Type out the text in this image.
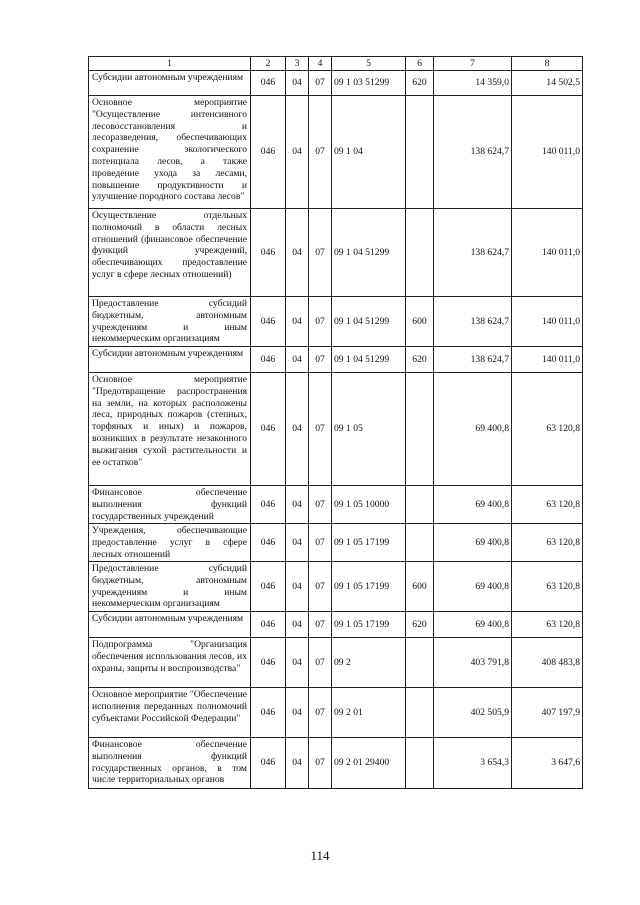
1	2	3	4	5	6	7	8
Субсидии автономным учреждениям	046	04	07	09 1 03 51299	620	14 359,0	14 502,5
Основное мероприятие "Осуществление интенсивного лесовосстановления и лесоразведения, обеспечивающих сохранение экологического потенциала лесов, а также проведение ухода за лесами, повышение продуктивности и улучшение породного состава лесов"	046	04	07	09 1 04		138 624,7	140 011,0
Осуществление отдельных полномочий в области лесных отношений (финансовое обеспечение функций учреждений, обеспечивающих предоставление услуг в сфере лесных отношений)	046	04	07	09 1 04 51299		138 624,7	140 011,0
Предоставление субсидий бюджетным, автономным учреждениям и иным некоммерческим организациям	046	04	07	09 1 04 51299	600	138 624,7	140 011,0
Субсидии автономным учреждениям	046	04	07	09 1 04 51299	620	138 624,7	140 011,0
Основное мероприятие "Предотвращение распространения на земли, на которых расположены леса, природных пожаров (степных, торфяных и иных) и пожаров, возникших в результате незаконного выжигания сухой растительности и ее остатков"	046	04	07	09 1 05		69 400,8	63 120,8
Финансовое обеспечение выполнения функций государственных учреждений	046	04	07	09 1 05 10000		69 400,8	63 120,8
Учреждения, обеспечивающие предоставление услуг в сфере лесных отношений	046	04	07	09 1 05 17199		69 400,8	63 120,8
Предоставление субсидий бюджетным, автономным учреждениям и иным некоммерческим организациям	046	04	07	09 1 05 17199	600	69 400,8	63 120,8
Субсидии автономным учреждениям	046	04	07	09 1 05 17199	620	69 400,8	63 120,8
Подпрограмма "Организация обеспечения использования лесов, их охраны, защиты и воспроизводства"	046	04	07	09 2		403 791,8	408 483,8
Основное мероприятие "Обеспечение исполнения переданных полномочий субъектами Российской Федерации"	046	04	07	09 2 01		402 505,9	407 197,9
Финансовое обеспечение выполнения функций государственных органов, в том числе территориальных органов	046	04	07	09 2 01 29400		3 654,3	3 647,6
114
